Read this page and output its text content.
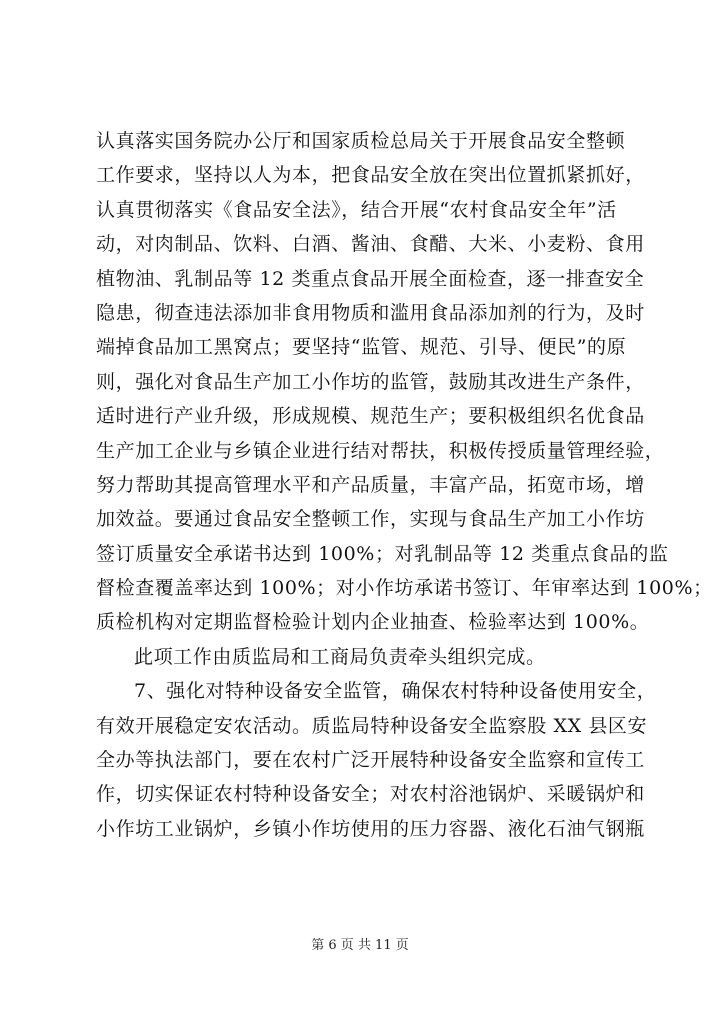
认真落实国务院办公厅和国家质检总局关于开展食品安全整顿
工作要求，坚持以人为本，把食品安全放在突出位置抓紧抓好，
认真贯彻落实《食品安全法》，结合开展“农村食品安全年”活
动，对肉制品、饮料、白酒、酱油、食醋、大米、小麦粉、食用
植物油、乳制品等 12 类重点食品开展全面检查，逐一排查安全
隐患，彻查违法添加非食用物质和滥用食品添加剂的行为，及时
端掉食品加工黑窝点；要坚持“监管、规范、引导、便民”的原
则，强化对食品生产加工小作坊的监管，鼓励其改进生产条件，
适时进行产业升级，形成规模、规范生产；要积极组织名优食品
生产加工企业与乡镇企业进行结对帮扶，积极传授质量管理经验，
努力帮助其提高管理水平和产品质量，丰富产品，拓宽市场，增
加效益。要通过食品安全整顿工作，实现与食品生产加工小作坊
签订质量安全承诺书达到 100%；对乳制品等 12 类重点食品的监
督检查覆盖率达到 100%；对小作坊承诺书签订、年审率达到 100%；
质检机构对定期监督检验计划内企业抽查、检验率达到 100%。
此项工作由质监局和工商局负责牵头组织完成。
7、强化对特种设备安全监管，确保农村特种设备使用安全，
有效开展稳定安农活动。质监局特种设备安全监察股 XX 县区安
全办等执法部门，要在农村广泛开展特种设备安全监察和宣传工
作，切实保证农村特种设备安全；对农村浴池锅炉、采暖锅炉和
小作坊工业锅炉，乡镇小作坊使用的压力容器、液化石油气钢瓶
第 6 页 共 11 页
